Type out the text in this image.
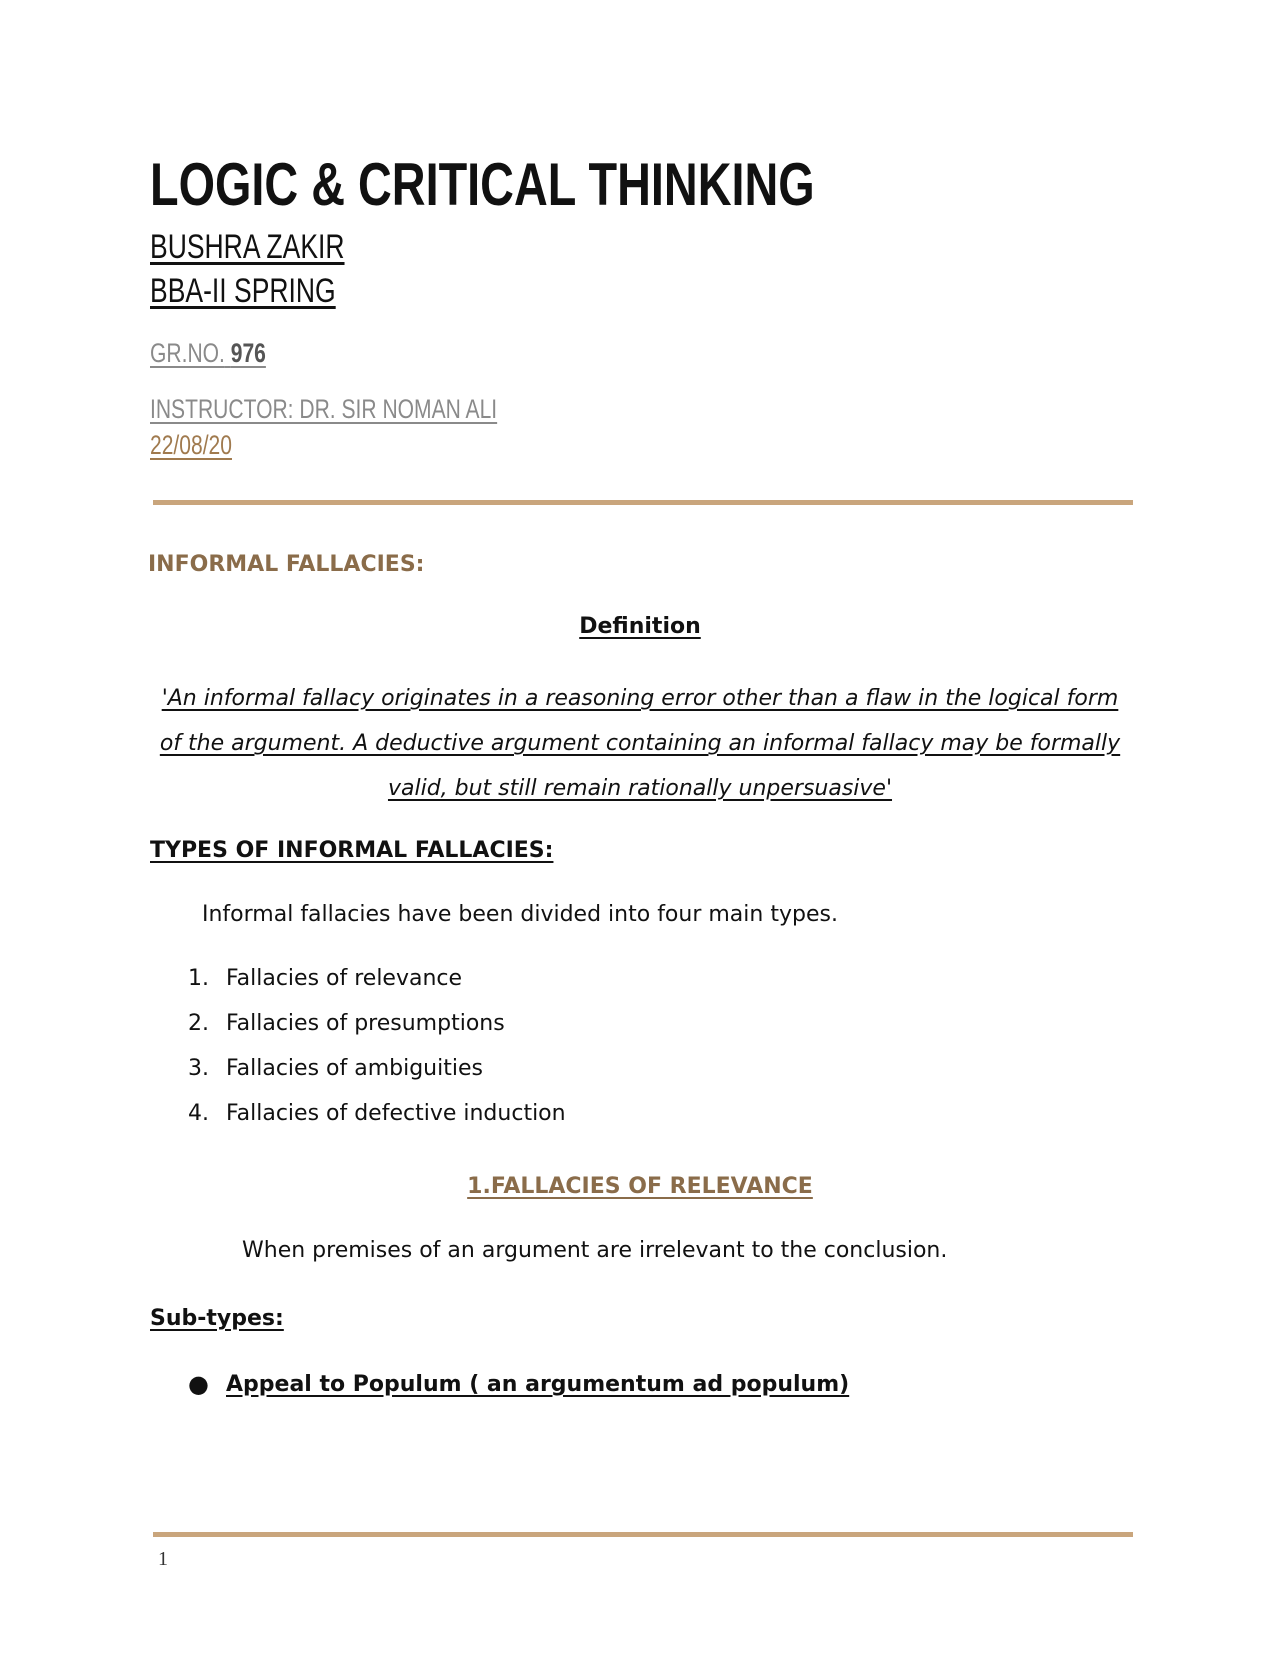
LOGIC & CRITICAL THINKING
BUSHRA ZAKIR
BBA-II SPRING
GR.NO. 976
INSTRUCTOR: DR. SIR NOMAN ALI
22/08/20
INFORMAL FALLACIES:
Definition
'An informal fallacy originates in a reasoning error other than a flaw in the logical form of the argument. A deductive argument containing an informal fallacy may be formally valid, but still remain rationally unpersuasive'
TYPES OF INFORMAL FALLACIES:
Informal fallacies have been divided into four main types.
1. Fallacies of relevance
2. Fallacies of presumptions
3. Fallacies of ambiguities
4. Fallacies of defective induction
1.FALLACIES OF RELEVANCE
When premises of an argument are irrelevant to the conclusion.
Sub-types:
● Appeal to Populum ( an argumentum ad populum)
1
